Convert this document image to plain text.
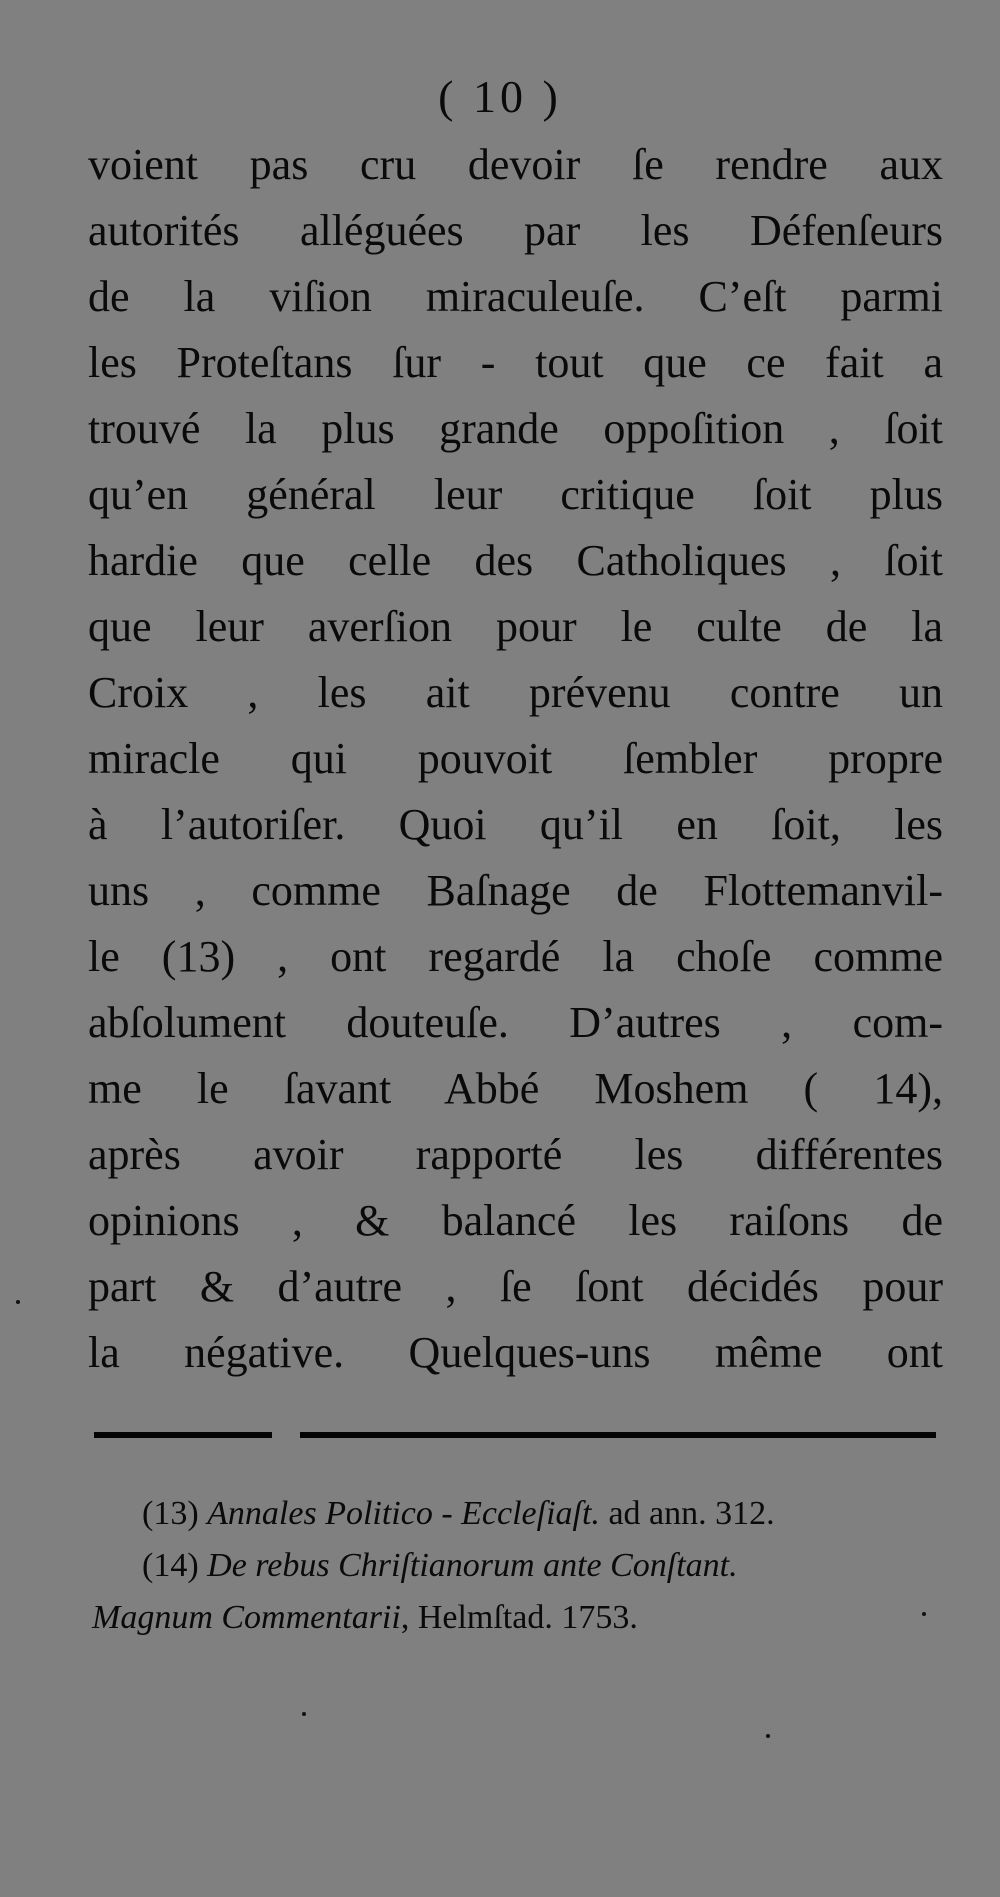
( 10 )
voient pas cru devoir ſe rendre aux
autorités alléguées par les Défenſeurs
de la viſion miraculeuſe. C’eſt parmi
les Proteſtans ſur - tout que ce fait a
trouvé la plus grande oppoſition , ſoit
qu’en général leur critique ſoit plus
hardie que celle des Catholiques , ſoit
que leur averſion pour le culte de la
Croix , les ait prévenu contre un
miracle qui pouvoit ſembler propre
à l’autoriſer. Quoi qu’il en ſoit, les
uns , comme Baſnage de Flottemanvil-
le (13) , ont regardé la choſe comme
abſolument douteuſe. D’autres , com-
me le ſavant Abbé Moshem ( 14),
après avoir rapporté les différentes
opinions , & balancé les raiſons de
part & d’autre , ſe ſont décidés pour
la négative. Quelques-uns même ont
(13) Annales Politico - Eccleſiaſt. ad ann. 312.
(14) De rebus Chriſtianorum ante Conſtant.
Magnum Commentarii, Helmſtad. 1753.
